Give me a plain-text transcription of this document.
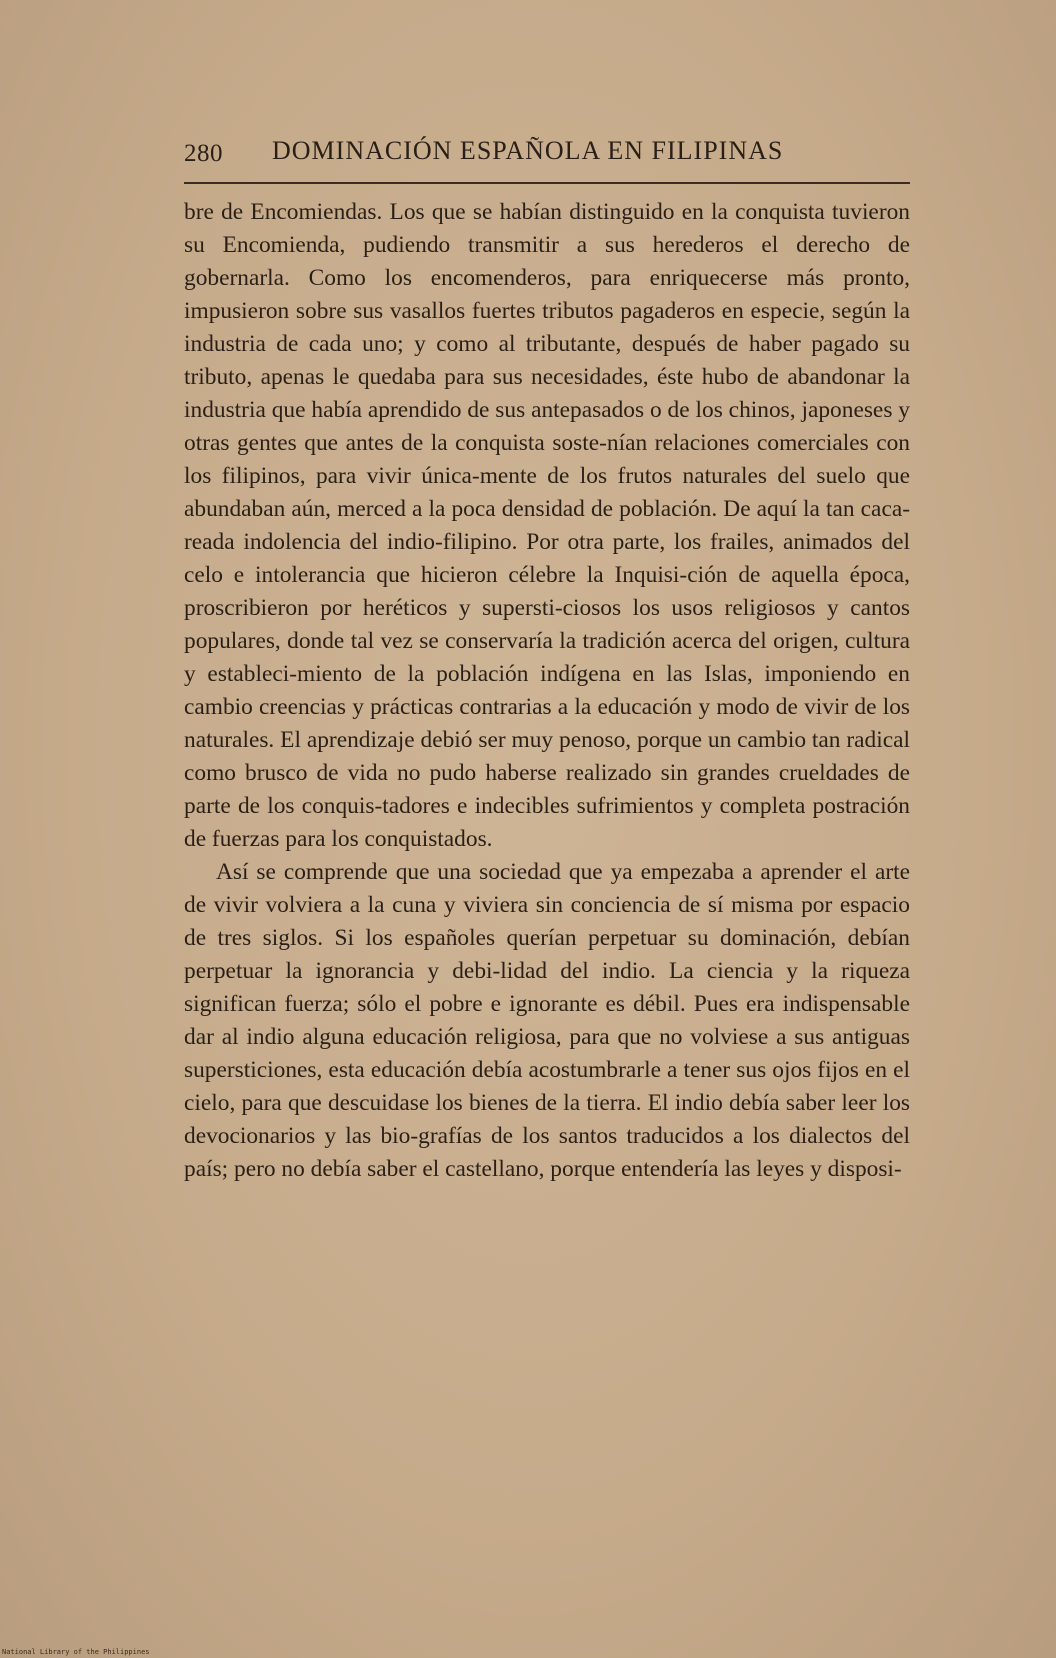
280 DOMINACIÓN ESPAÑOLA EN FILIPINAS

bre de Encomiendas. Los que se habían distinguido en la conquista tuvieron su Encomienda, pudiendo transmitir a sus herederos el derecho de gobernarla. Como los encomenderos, para enriquecerse más pronto, impusieron sobre sus vasallos fuertes tributos pagaderos en especie, según la industria de cada uno; y como al tributante, después de haber pagado su tributo, apenas le quedaba para sus necesidades, éste hubo de abandonar la industria que había aprendido de sus antepasados o de los chinos, japoneses y otras gentes que antes de la conquista soste-nían relaciones comerciales con los filipinos, para vivir única-mente de los frutos naturales del suelo que abundaban aún, merced a la poca densidad de población. De aquí la tan caca-reada indolencia del indio-filipino. Por otra parte, los frailes, animados del celo e intolerancia que hicieron célebre la Inquisi-ción de aquella época, proscribieron por heréticos y supersti-ciosos los usos religiosos y cantos populares, donde tal vez se conservaría la tradición acerca del origen, cultura y estableci-miento de la población indígena en las Islas, imponiendo en cambio creencias y prácticas contrarias a la educación y modo de vivir de los naturales. El aprendizaje debió ser muy penoso, porque un cambio tan radical como brusco de vida no pudo haberse realizado sin grandes crueldades de parte de los conquis-tadores e indecibles sufrimientos y completa postración de fuerzas para los conquistados.

Así se comprende que una sociedad que ya empezaba a aprender el arte de vivir volviera a la cuna y viviera sin conciencia de sí misma por espacio de tres siglos. Si los españoles querían perpetuar su dominación, debían perpetuar la ignorancia y debi-lidad del indio. La ciencia y la riqueza significan fuerza; sólo el pobre e ignorante es débil. Pues era indispensable dar al indio alguna educación religiosa, para que no volviese a sus antiguas supersticiones, esta educación debía acostumbrarle a tener sus ojos fijos en el cielo, para que descuidase los bienes de la tierra. El indio debía saber leer los devocionarios y las bio-grafías de los santos traducidos a los dialectos del país; pero no debía saber el castellano, porque entendería las leyes y disposi-

National Library of the Philippines
